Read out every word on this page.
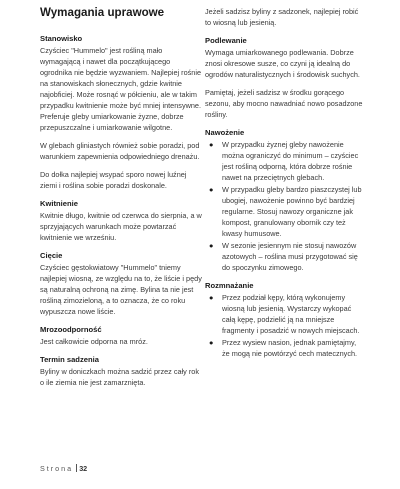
Wymagania uprawowe
Stanowisko

Czyściec "Hummelo" jest rośliną mało wymagającą i nawet dla początkującego ogrodnika nie będzie wyzwaniem. Najlepiej rośnie na stanowiskach słonecznych, gdzie kwitnie najobficiej. Może rosnąć w półcieniu, ale w takim przypadku kwitnienie może być mniej intensywne. Preferuje gleby umiarkowanie żyzne, dobrze przepuszczalne i umiarkowanie wilgotne.

W glebach gliniastych również sobie poradzi, pod warunkiem zapewnienia odpowiedniego drenażu.

Do dołka najlepiej wsypać sporo nowej luźnej ziemi i roślina sobie poradzi doskonale.

Kwitnienie

Kwitnie długo, kwitnie od czerwca do sierpnia, a w sprzyjających warunkach może powtarzać kwitnienie we wrześniu.

Cięcie

Czyściec gęstokwiatowy "Hummelo" tniemy najlepiej wiosną, ze względu na to, że liście i pędy są naturalną ochroną na zimę. Bylina ta nie jest rośliną zimozieloną, a to oznacza, że co roku wypuszcza nowe liście.

Mrozoodporność

Jest całkowicie odporna na mróz.

Termin sadzenia

Byliny w doniczkach można sadzić przez cały rok o ile ziemia nie jest zamarznięta.

Jeżeli sadzisz byliny z sadzonek, najlepiej robić to wiosną lub jesienią.

Podlewanie

Wymaga umiarkowanego podlewania. Dobrze znosi okresowe susze, co czyni ją idealną do ogrodów naturalistycznych i środowisk suchych.

Pamiętaj, jeżeli sadzisz w środku gorącego sezonu, aby mocno nawadniać nowo posadzone rośliny.

Nawożenie
● W przypadku żyznej gleby nawożenie można ograniczyć do minimum – czyściec jest rośliną odporną, która dobrze rośnie nawet na przeciętnych glebach.
● W przypadku gleby bardzo piaszczystej lub ubogiej, nawożenie powinno być bardziej regularne. Stosuj nawozy organiczne jak kompost, granulowany obornik czy też kwasy humusowe.
● W sezonie jesiennym nie stosuj nawozów azotowych – roślina musi przygotować się do spoczynku zimowego.
Rozmnażanie
● Przez podział kępy, którą wykonujemy wiosną lub jesienią. Wystarczy wykopać całą kępę, podzielić ją na mniejsze fragmenty i posadzić w nowych miejscach.
● Przez wysiew nasion, jednak pamiętajmy, że mogą nie powtórzyć cech matecznych.
Strona 32
